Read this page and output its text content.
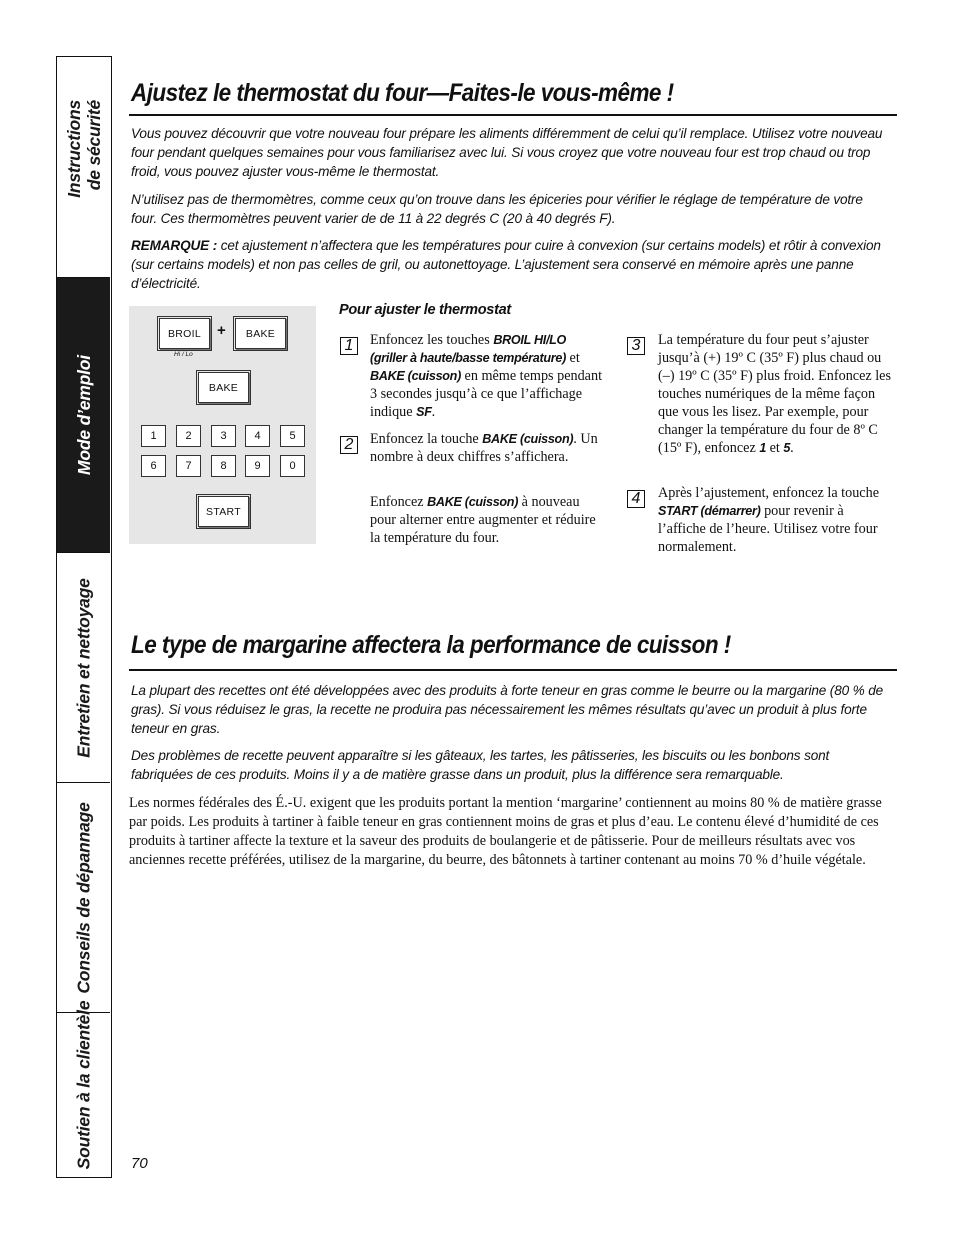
Instructions de sécurité
Mode d’emploi
Entretien et nettoyage
Conseils de dépannage
Soutien à la clientèle
Ajustez le thermostat du four—Faites-le vous-même !
Vous pouvez découvrir que votre nouveau four prépare les aliments différemment de celui qu’il remplace. Utilisez votre nouveau four pendant quelques semaines pour vous familiarisez avec lui. Si vous croyez que votre nouveau four est trop chaud ou trop froid, vous pouvez ajuster vous-même le thermostat.
N’utilisez pas de thermomètres, comme ceux qu’on trouve dans les épiceries pour vérifier le réglage de température de votre four. Ces thermomètres peuvent varier de de 11 à 22 degrés C (20 à 40 degrés F).
REMARQUE : cet ajustement n’affectera que les températures pour cuire à convexion (sur certains models) et rôtir à convexion (sur certains models) et non pas celles de gril, ou autonettoyage. L’ajustement sera conservé en mémoire après une panne d’électricité.
BROIL	+	BAKE
Hi / Lo
BAKE
1	2	3	4	5
6	7	8	9	0
START
Pour ajuster le thermostat
1	Enfoncez les touches BROIL HI/LO (griller à haute/basse température) et BAKE (cuisson) en même temps pendant 3 secondes jusqu’à ce que l’affichage indique SF.
2	Enfoncez la touche BAKE (cuisson). Un nombre à deux chiffres s’affichera.
Enfoncez BAKE (cuisson) à nouveau pour alterner entre augmenter et réduire la température du four.
3	La température du four peut s’ajuster jusqu’à (+) 19º C (35º F) plus chaud ou (–) 19º C (35º F) plus froid. Enfoncez les touches numériques de la même façon que vous les lisez. Par exemple, pour changer la température du four de 8º C (15º F), enfoncez 1 et 5.
4	Après l’ajustement, enfoncez la touche START (démarrer) pour revenir à l’affiche de l’heure. Utilisez votre four normalement.
Le type de margarine affectera la performance de cuisson !
La plupart des recettes ont été développées avec des produits à forte teneur en gras comme le beurre ou la margarine (80 % de gras). Si vous réduisez le gras, la recette ne produira pas nécessairement les mêmes résultats qu’avec un produit à plus forte teneur en gras.
Des problèmes de recette peuvent apparaître si les gâteaux, les tartes, les pâtisseries, les biscuits ou les bonbons sont fabriquées de ces produits. Moins il y a de matière grasse dans un produit, plus la différence sera remarquable.
Les normes fédérales des É.-U. exigent que les produits portant la mention ‘margarine’ contiennent au moins 80 % de matière grasse par poids. Les produits à tartiner à faible teneur en gras contiennent moins de gras et plus d’eau. Le contenu élevé d’humidité de ces produits à tartiner affecte la texture et la saveur des produits de boulangerie et de pâtisserie. Pour de meilleurs résultats avec vos anciennes recette préférées, utilisez de la margarine, du beurre, des bâtonnets à tartiner contenant au moins 70 % d’huile végétale.
70
